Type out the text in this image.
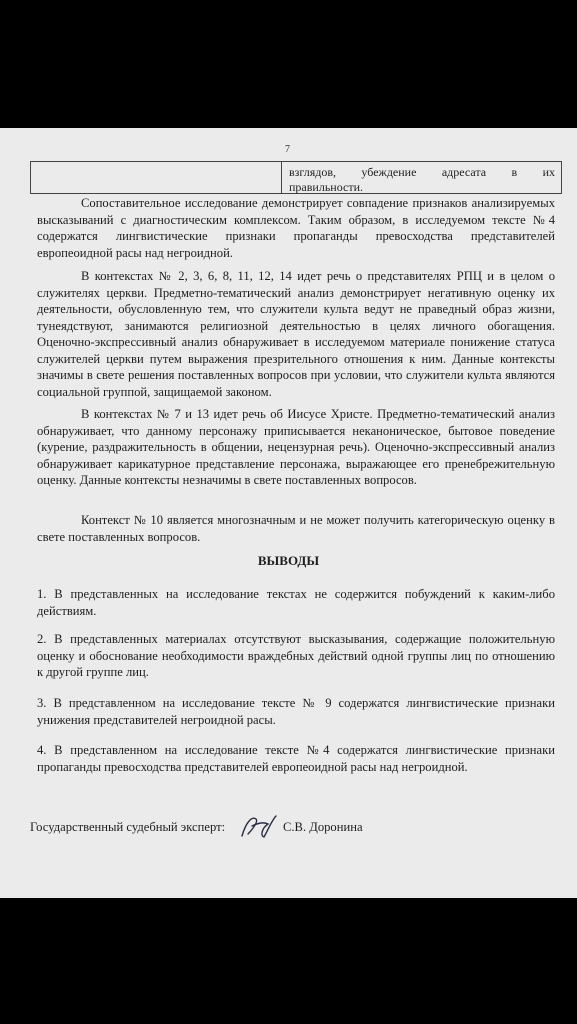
7
взглядов, убеждение адресата в их
правильности.

Сопоставительное исследование демонстрирует совпадение признаков анализируемых высказываний с диагностическим комплексом. Таким образом, в исследуемом тексте №4 содержатся лингвистические признаки пропаганды превосходства представителей европеоидной расы над негроидной.

В контекстах № 2, 3, 6, 8, 11, 12, 14 идет речь о представителях РПЦ и в целом о служителях церкви. Предметно-тематический анализ демонстрирует негативную оценку их деятельности, обусловленную тем, что служители культа ведут не праведный образ жизни, тунеядствуют, занимаются религиозной деятельностью в целях личного обогащения. Оценочно-экспрессивный анализ обнаруживает в исследуемом материале понижение статуса служителей церкви путем выражения презрительного отношения к ним. Данные контексты значимы в свете решения поставленных вопросов при условии, что служители культа являются социальной группой, защищаемой законом.

В контекстах № 7 и 13 идет речь об Иисусе Христе. Предметно-тематический анализ обнаруживает, что данному персонажу приписывается неканоническое, бытовое поведение (курение, раздражительность в общении, нецензурная речь). Оценочно-экспрессивный анализ обнаруживает карикатурное представление персонажа, выражающее его пренебрежительную оценку. Данные контексты незначимы в свете поставленных вопросов.

Контекст № 10 является многозначным и не может получить категорическую оценку в свете поставленных вопросов.

ВЫВОДЫ

1. В представленных на исследование текстах не содержится побуждений к каким-либо действиям.

2. В представленных материалах отсутствуют высказывания, содержащие положительную оценку и обоснование необходимости враждебных действий одной группы лиц по отношению к другой группе лиц.

3. В представленном на исследование тексте № 9 содержатся лингвистические признаки унижения представителей негроидной расы.

4. В представленном на исследование тексте №4 содержатся лингвистические признаки пропаганды превосходства представителей европеоидной расы над негроидной.

Государственный судебный эксперт:	С.В. Доронина
